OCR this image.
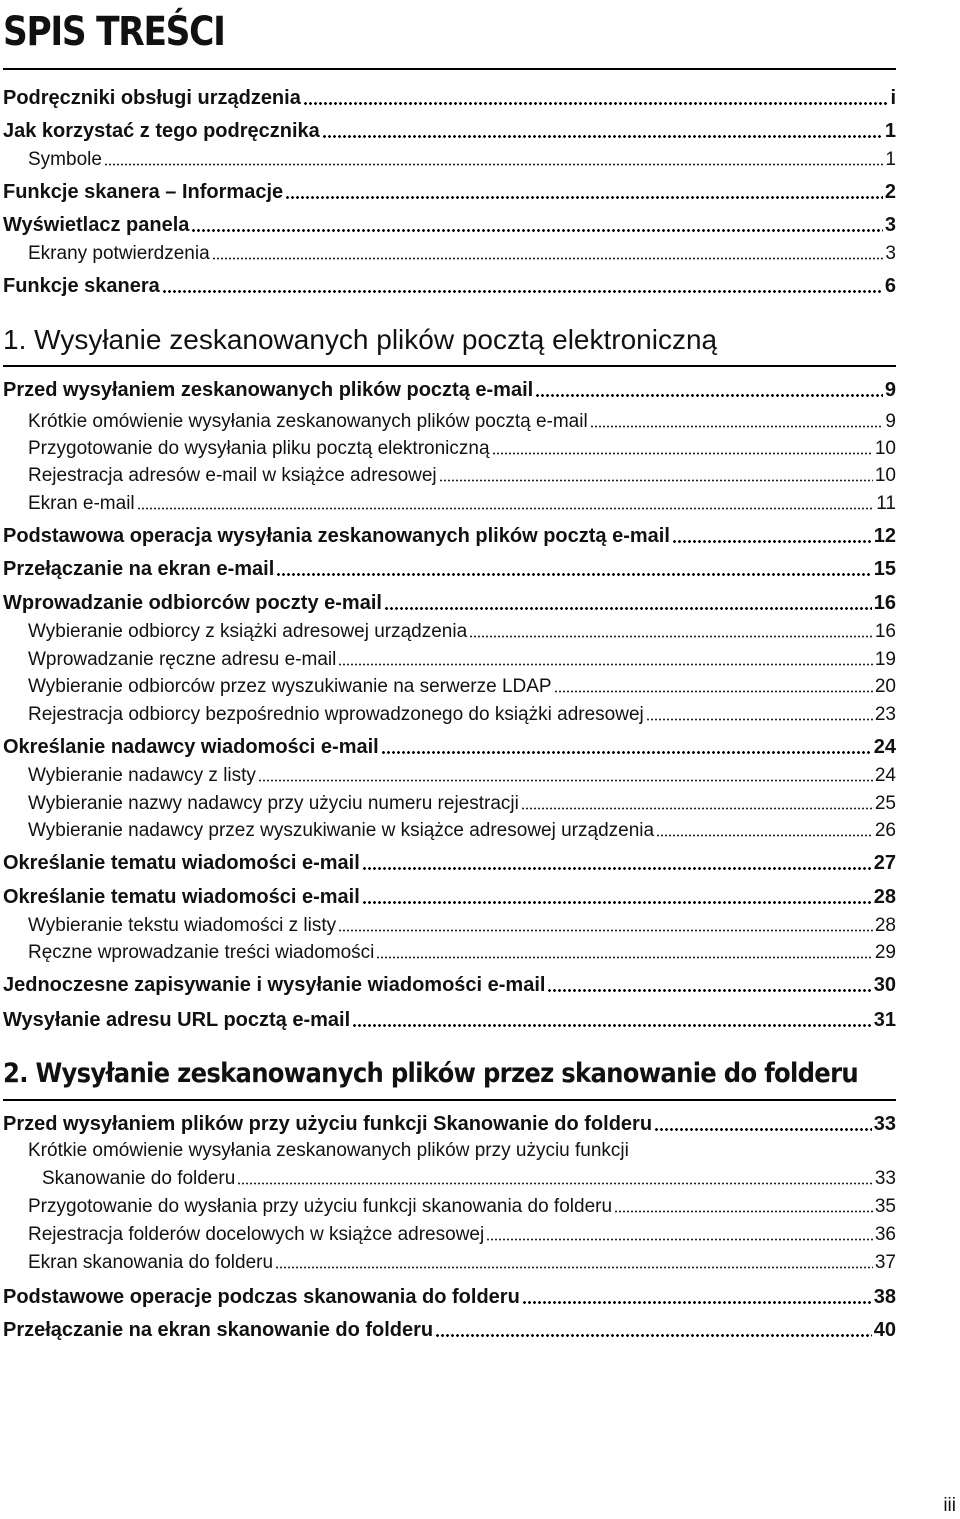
SPIS TREŚCI
Podręczniki obsługi urządzenia	i
Jak korzystać z tego podręcznika	1
Symbole	1
Funkcje skanera – Informacje	2
Wyświetlacz panela	3
Ekrany potwierdzenia	3
Funkcje skanera	6
1. Wysyłanie zeskanowanych plików pocztą elektroniczną
Przed wysyłaniem zeskanowanych plików pocztą e-mail	9
Krótkie omówienie wysyłania zeskanowanych plików pocztą e-mail	9
Przygotowanie do wysyłania pliku pocztą elektroniczną	10
Rejestracja adresów e-mail w książce adresowej	10
Ekran e-mail	11
Podstawowa operacja wysyłania zeskanowanych plików pocztą e-mail	12
Przełączanie na ekran e-mail	15
Wprowadzanie odbiorców poczty e-mail	16
Wybieranie odbiorcy z książki adresowej urządzenia	16
Wprowadzanie ręczne adresu e-mail	19
Wybieranie odbiorców przez wyszukiwanie na serwerze LDAP	20
Rejestracja odbiorcy bezpośrednio wprowadzonego do książki adresowej	23
Określanie nadawcy wiadomości e-mail	24
Wybieranie nadawcy z listy	24
Wybieranie nazwy nadawcy przy użyciu numeru rejestracji	25
Wybieranie nadawcy przez wyszukiwanie w książce adresowej urządzenia	26
Określanie tematu wiadomości e-mail	27
Określanie tematu wiadomości e-mail	28
Wybieranie tekstu wiadomości z listy	28
Ręczne wprowadzanie treści wiadomości	29
Jednoczesne zapisywanie i wysyłanie wiadomości e-mail	30
Wysyłanie adresu URL pocztą e-mail	31
2. Wysyłanie zeskanowanych plików przez skanowanie do folderu
Przed wysyłaniem plików przy użyciu funkcji Skanowanie do folderu	33
Krótkie omówienie wysyłania zeskanowanych plików przy użyciu funkcji
Skanowanie do folderu	33
Przygotowanie do wysłania przy użyciu funkcji skanowania do folderu	35
Rejestracja folderów docelowych w książce adresowej	36
Ekran skanowania do folderu	37
Podstawowe operacje podczas skanowania do folderu	38
Przełączanie na ekran skanowanie do folderu	40
iii
